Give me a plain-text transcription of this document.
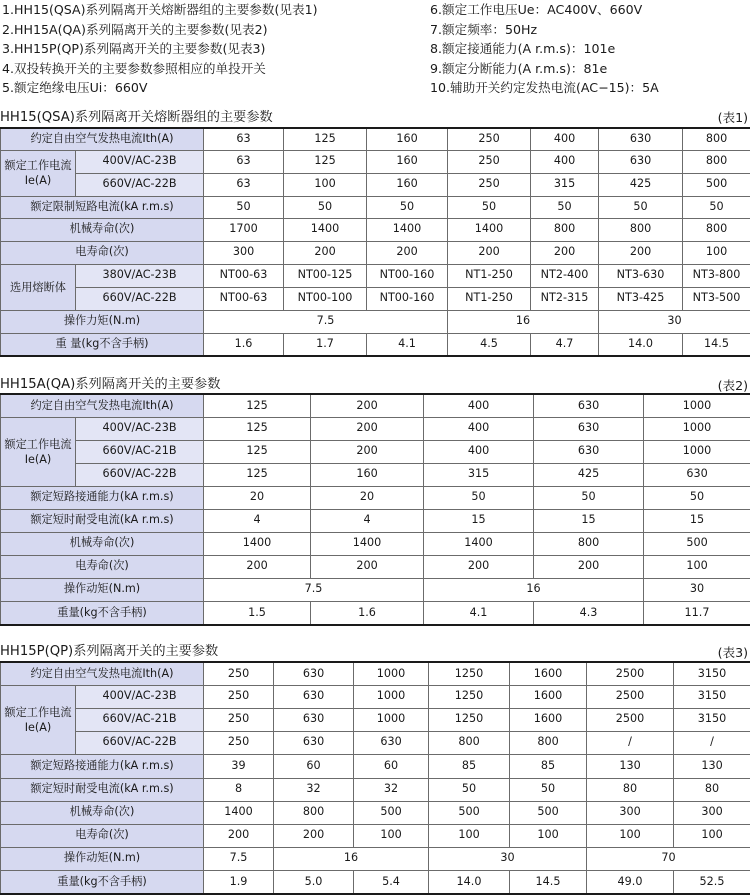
1.HH15(QSA)系列隔离开关熔断器组的主要参数(见表1)
2.HH15A(QA)系列隔离开关的主要参数(见表2)
3.HH15P(QP)系列隔离开关的主要参数(见表3)
4.双投转换开关的主要参数参照相应的单投开关
5.额定绝缘电压Ui：660V
6.额定工作电压Ue：AC400V、660V
7.额定频率：50Hz
8.额定接通能力(A r.m.s)：101e
9.额定分断能力(A r.m.s)：81e
10.辅助开关约定发热电流(AC−15)：5A
HH15(QSA)系列隔离开关熔断器组的主要参数	(表1)
约定自由空气发热电流Ith(A)		63	125	160	250	400	630	800
额定工作电流Ie(A)	400V/AC-23B	63	125	160	250	400	630	800
	660V/AC-22B	63	100	160	250	315	425	500
额定限制短路电流(kA r.m.s)		50	50	50	50	50	50	50
机械寿命(次)		1700	1400	1400	1400	800	800	800
电寿命(次)		300	200	200	200	200	200	100
选用熔断体	380V/AC-23B	NT00-63	NT00-125	NT00-160	NT1-250	NT2-400	NT3-630	NT3-800
	660V/AC-22B	NT00-63	NT00-100	NT00-160	NT1-250	NT2-315	NT3-425	NT3-500
操作力矩(N.m)		7.5			16		30	
重 量(kg不含手柄)		1.6	1.7	4.1	4.5	4.7	14.0	14.5
HH15A(QA)系列隔离开关的主要参数	(表2)
约定自由空气发热电流Ith(A)		125	200	400	630	1000
额定工作电流Ie(A)	400V/AC-23B	125	200	400	630	1000
	660V/AC-21B	125	200	400	630	1000
	660V/AC-22B	125	160	315	425	630
额定短路接通能力(kA r.m.s)		20	20	50	50	50
额定短时耐受电流(kA r.m.s)		4	4	15	15	15
机械寿命(次)		1400	1400	1400	800	500
电寿命(次)		200	200	200	200	100
操作动矩(N.m)		7.5		16		30
重量(kg不含手柄)		1.5	1.6	4.1	4.3	11.7
HH15P(QP)系列隔离开关的主要参数	(表3)
约定自由空气发热电流Ith(A)		250	630	1000	1250	1600	2500	3150
额定工作电流Ie(A)	400V/AC-23B	250	630	1000	1250	1600	2500	3150
	660V/AC-21B	250	630	1000	1250	1600	2500	3150
	660V/AC-22B	250	630	630	800	800	/	/
额定短路接通能力(kA r.m.s)		39	60	60	85	85	130	130
额定短时耐受电流(kA r.m.s)		8	32	32	50	50	80	80
机械寿命(次)		1400	800	500	500	500	300	300
电寿命(次)		200	200	100	100	100	100	100
操作动矩(N.m)		7.5	16		30		70	
重量(kg不含手柄)		1.9	5.0	5.4	14.0	14.5	49.0	52.5
